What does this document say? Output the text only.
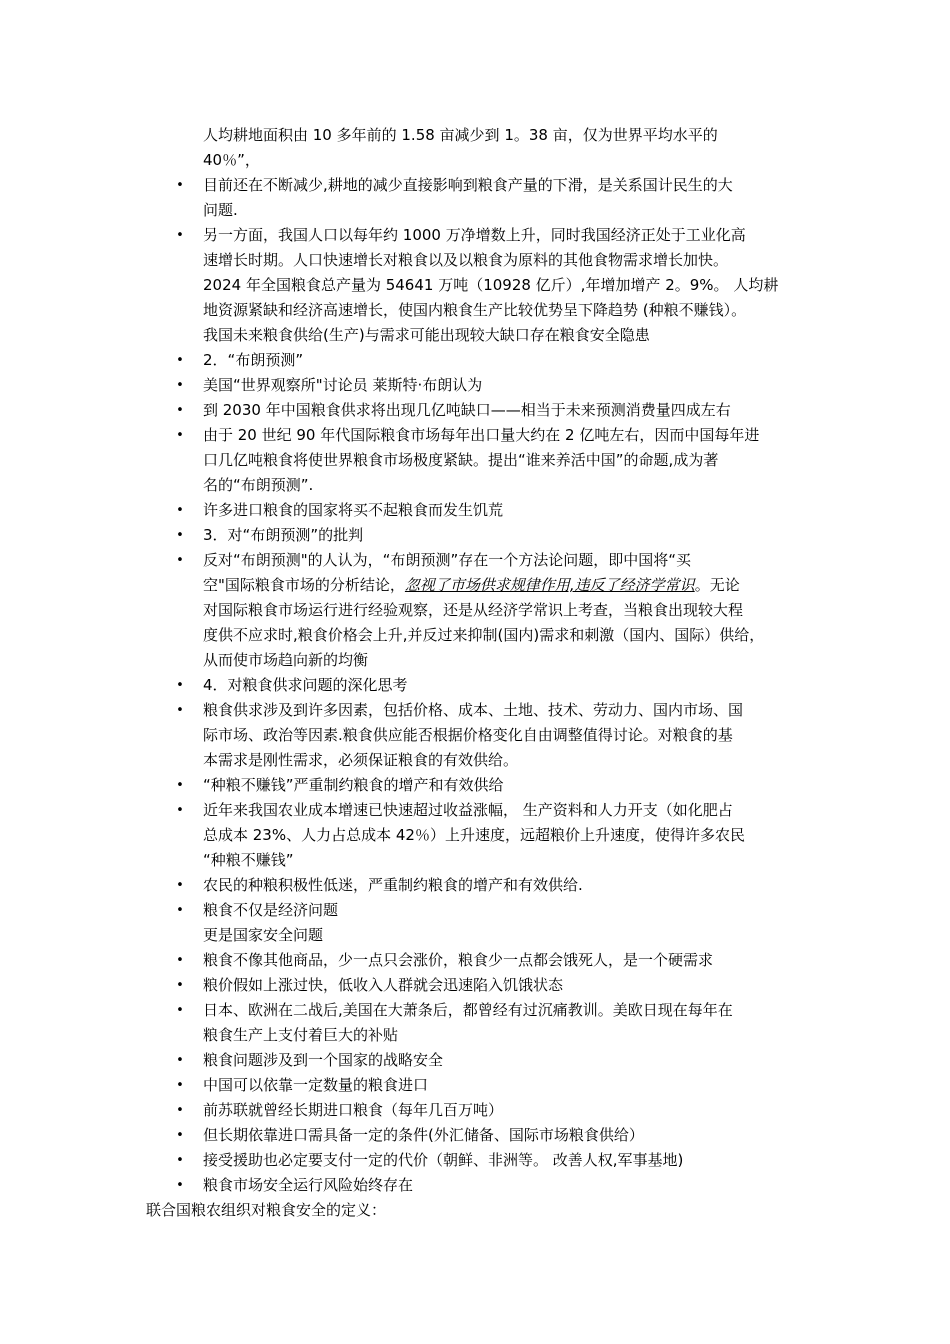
人均耕地面积由 10 多年前的 1.58 亩减少到 1。38 亩，仅为世界平均水平的
40％”，
• 目前还在不断减少,耕地的减少直接影响到粮食产量的下滑，是关系国计民生的大
问题.
• 另一方面，我国人口以每年约 1000 万净增数上升，同时我国经济正处于工业化高
速增长时期。人口快速增长对粮食以及以粮食为原料的其他食物需求增长加快。
2024 年全国粮食总产量为 54641 万吨（10928 亿斤）,年增加增产 2。9%。 人均耕
地资源紧缺和经济高速增长，使国内粮食生产比较优势呈下降趋势 (种粮不赚钱）。
我国未来粮食供给(生产)与需求可能出现较大缺口存在粮食安全隐患
• 2．“布朗预测”
• 美国“世界观察所"讨论员 莱斯特·布朗认为
• 到 2030 年中国粮食供求将出现几亿吨缺口——相当于未来预测消费量四成左右
• 由于 20 世纪 90 年代国际粮食市场每年出口量大约在 2 亿吨左右，因而中国每年进
口几亿吨粮食将使世界粮食市场极度紧缺。提出“谁来养活中国”的命题,成为著
名的“布朗预测”.
• 许多进口粮食的国家将买不起粮食而发生饥荒
• 3．对“布朗预测”的批判
• 反对“布朗预测"的人认为，“布朗预测”存在一个方法论问题，即中国将“买
空"国际粮食市场的分析结论，忽视了市场供求规律作用,违反了经济学常识。无论
对国际粮食市场运行进行经验观察，还是从经济学常识上考查，当粮食出现较大程
度供不应求时,粮食价格会上升,并反过来抑制(国内)需求和刺激（国内、国际）供给，
从而使市场趋向新的均衡
• 4．对粮食供求问题的深化思考
• 粮食供求涉及到许多因素，包括价格、成本、土地、技术、劳动力、国内市场、国
际市场、政治等因素.粮食供应能否根据价格变化自由调整值得讨论。对粮食的基
本需求是刚性需求，必须保证粮食的有效供给。
• “种粮不赚钱”严重制约粮食的增产和有效供给
• 近年来我国农业成本增速已快速超过收益涨幅， 生产资料和人力开支（如化肥占
总成本 23%、人力占总成本 42％）上升速度，远超粮价上升速度，使得许多农民
“种粮不赚钱”
• 农民的种粮积极性低迷，严重制约粮食的增产和有效供给.
• 粮食不仅是经济问题
更是国家安全问题
• 粮食不像其他商品，少一点只会涨价，粮食少一点都会饿死人，是一个硬需求
• 粮价假如上涨过快，低收入人群就会迅速陷入饥饿状态
• 日本、欧洲在二战后,美国在大萧条后，都曾经有过沉痛教训。美欧日现在每年在
粮食生产上支付着巨大的补贴
• 粮食问题涉及到一个国家的战略安全
• 中国可以依靠一定数量的粮食进口
• 前苏联就曾经长期进口粮食（每年几百万吨）
• 但长期依靠进口需具备一定的条件(外汇储备、国际市场粮食供给）
• 接受援助也必定要支付一定的代价（朝鲜、非洲等。 改善人权,军事基地)
• 粮食市场安全运行风险始终存在
联合国粮农组织对粮食安全的定义：
